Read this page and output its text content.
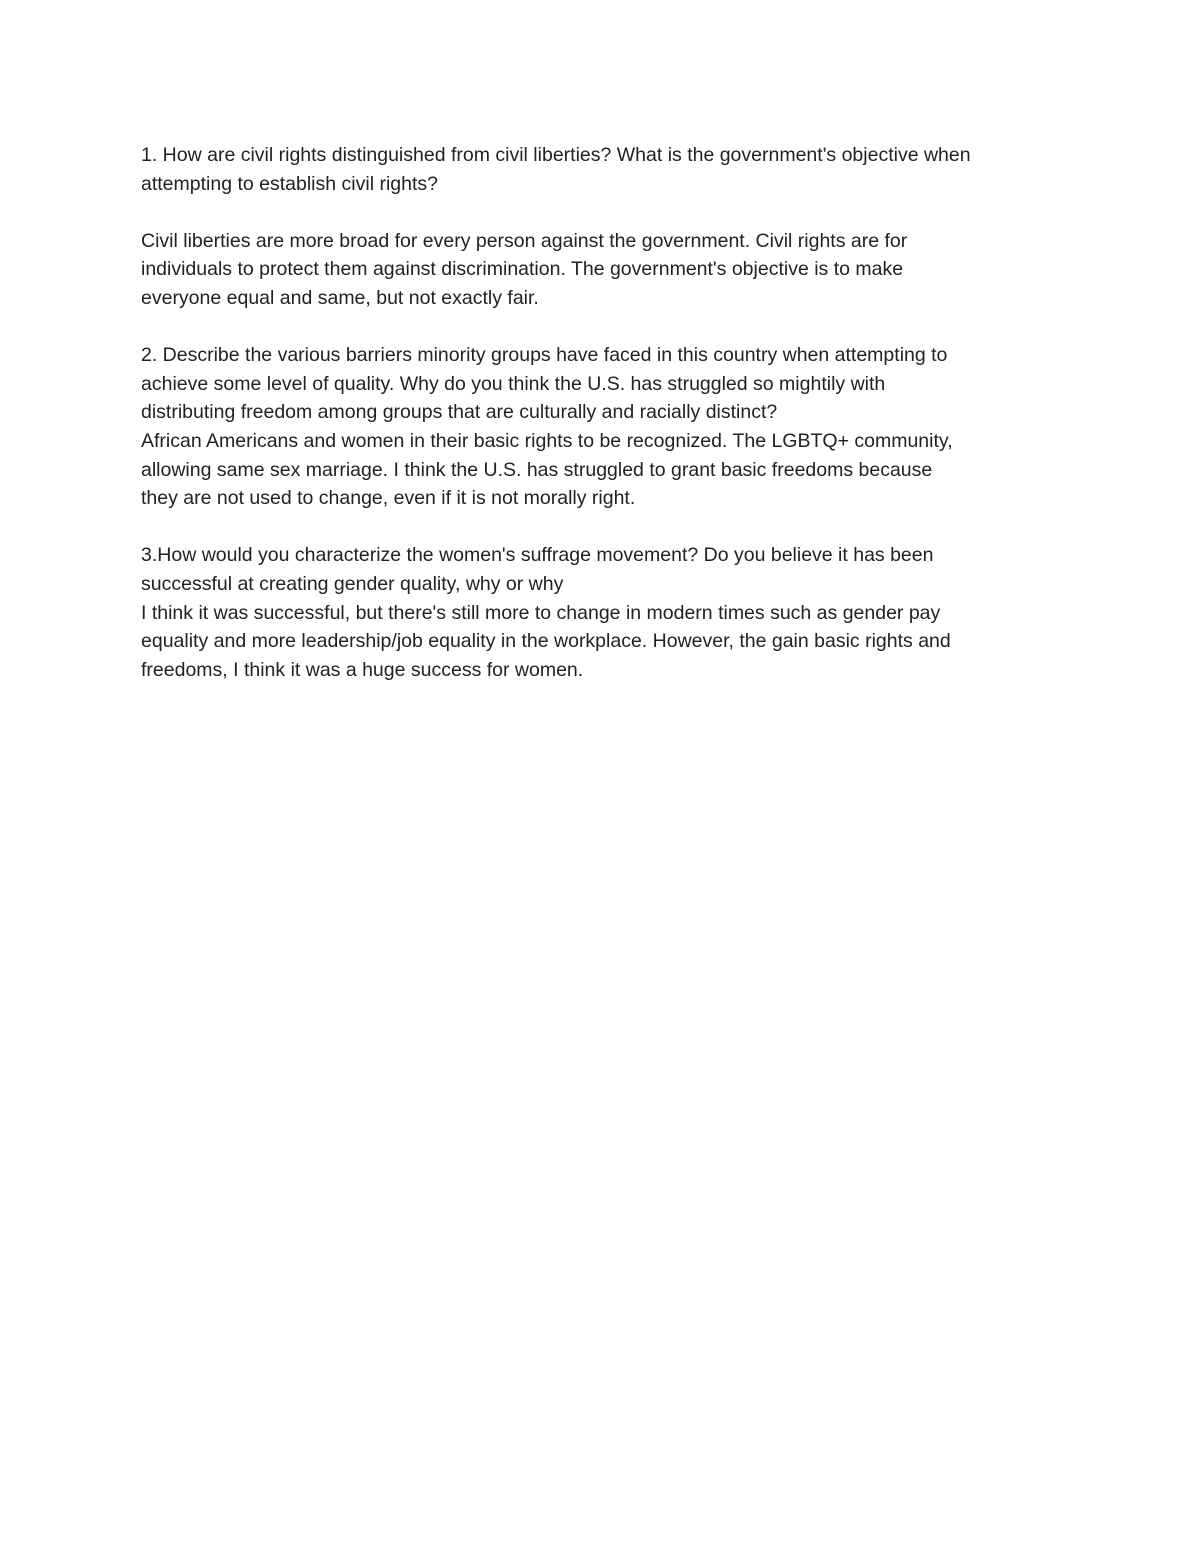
1. How are civil rights distinguished from civil liberties? What is the government's objective when
attempting to establish civil rights?
Civil liberties are more broad for every person against the government. Civil rights are for
individuals to protect them against discrimination. The government's objective is to make
everyone equal and same, but not exactly fair.
2. Describe the various barriers minority groups have faced in this country when attempting to
achieve some level of quality. Why do you think the U.S. has struggled so mightily with
distributing freedom among groups that are culturally and racially distinct?
African Americans and women in their basic rights to be recognized. The LGBTQ+ community,
allowing same sex marriage. I think the U.S. has struggled to grant basic freedoms because
they are not used to change, even if it is not morally right.
3.How would you characterize the women's suffrage movement? Do you believe it has been
successful at creating gender quality, why or why
I think it was successful, but there's still more to change in modern times such as gender pay
equality and more leadership/job equality in the workplace. However, the gain basic rights and
freedoms, I think it was a huge success for women.
